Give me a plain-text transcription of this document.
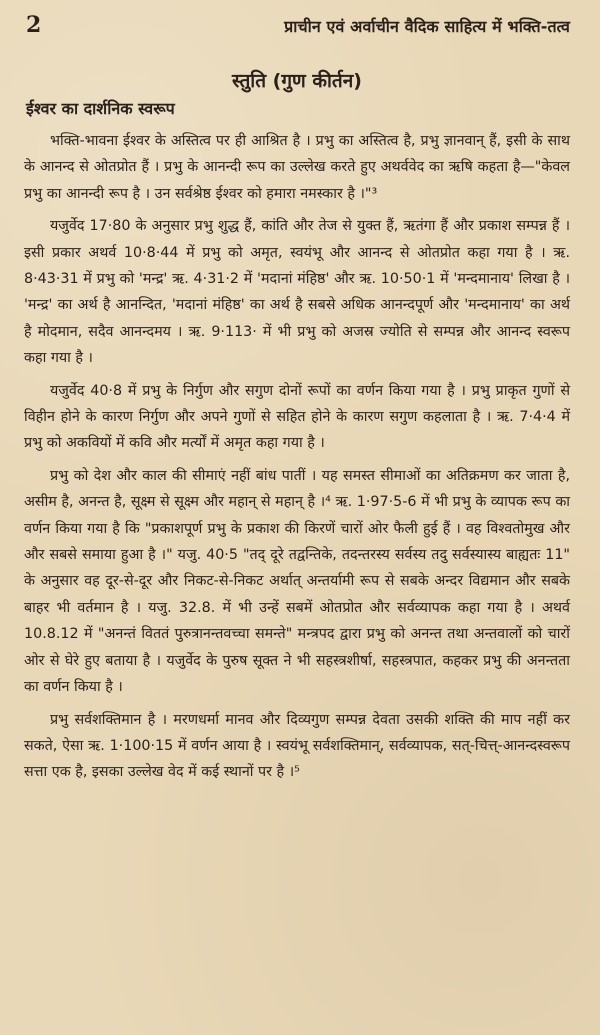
2	प्राचीन एवं अर्वाचीन वैदिक साहित्य में भक्ति-तत्व
स्तुति (गुण कीर्तन)
ईश्वर का दार्शनिक स्वरूप

भक्ति-भावना ईश्वर के अस्तित्व पर ही आश्रित है । प्रभु का अस्तित्व है, प्रभु ज्ञानवान् हैं, इसी के साथ के आनन्द से ओतप्रोत हैं । प्रभु के आनन्दी रूप का उल्लेख करते हुए अथर्ववेद का ऋषि कहता है—"केवल प्रभु का आनन्दी रूप है । उन सर्वश्रेष्ठ ईश्वर को हमारा नमस्कार है ।"³

यजुर्वेद 17·80 के अनुसार प्रभु शुद्ध हैं, कांति और तेज से युक्त हैं, ऋतंगा हैं और प्रकाश सम्पन्न हैं । इसी प्रकार अथर्व 10·8·44 में प्रभु को अमृत, स्वयंभू और आनन्द से ओतप्रोत कहा गया है । ऋ. 8·43·31 में प्रभु को 'मन्द्र' ऋ. 4·31·2 में 'मदानां मंहिष्ठ' और ऋ. 10·50·1 में 'मन्दमानाय' लिखा है । 'मन्द्र' का अर्थ है आनन्दित, 'मदानां मंहिष्ठ' का अर्थ है सबसे अधिक आनन्दपूर्ण और 'मन्दमानाय' का अर्थ है मोदमान, सदैव आनन्दमय । ऋ. 9·113· में भी प्रभु को अजस्र ज्योति से सम्पन्न और आनन्द स्वरूप कहा गया है ।

यजुर्वेद 40·8 में प्रभु के निर्गुण और सगुण दोनों रूपों का वर्णन किया गया है । प्रभु प्राकृत गुणों से विहीन होने के कारण निर्गुण और अपने गुणों से सहित होने के कारण सगुण कहलाता है । ऋ. 7·4·4 में प्रभु को अकवियों में कवि और मर्त्यों में अमृत कहा गया है ।

प्रभु को देश और काल की सीमाएं नहीं बांध पातीं । यह समस्त सीमाओं का अतिक्रमण कर जाता है, असीम है, अनन्त है, सूक्ष्म से सूक्ष्म और महान् से महान् है ।⁴ ऋ. 1·97·5-6 में भी प्रभु के व्यापक रूप का वर्णन किया गया है कि "प्रकाशपूर्ण प्रभु के प्रकाश की किरणें चारों ओर फैली हुई हैं । वह विश्वतोमुख और और सबसे समाया हुआ है ।" यजु. 40·5 "तद् दूरे तद्वन्तिके, तदन्तरस्य सर्वस्य तदु सर्वस्यास्य बाह्यतः 11" के अनुसार वह दूर-से-दूर और निकट-से-निकट अर्थात् अन्तर्यामी रूप से सबके अन्दर विद्यमान और सबके बाहर भी वर्तमान है । यजु. 32.8. में भी उन्हें सबमें ओतप्रोत और सर्वव्यापक कहा गया है । अथर्व 10.8.12 में "अनन्तं विततं पुरुत्रानन्तवच्चा समन्ते" मन्त्रपद द्वारा प्रभु को अनन्त तथा अन्तवालों को चारों ओर से घेरे हुए बताया है । यजुर्वेद के पुरुष सूक्त ने भी सहस्त्रशीर्षा, सहस्त्रपात, कहकर प्रभु की अनन्तता का वर्णन किया है ।

प्रभु सर्वशक्तिमान है । मरणधर्मा मानव और दिव्यगुण सम्पन्न देवता उसकी शक्ति की माप नहीं कर सकते, ऐसा ऋ. 1·100·15 में वर्णन आया है । स्वयंभू सर्वशक्तिमान्, सर्वव्यापक, सत्-चित्त्-आनन्दस्वरूप सत्ता एक है, इसका उल्लेख वेद में कई स्थानों पर है ।⁵
